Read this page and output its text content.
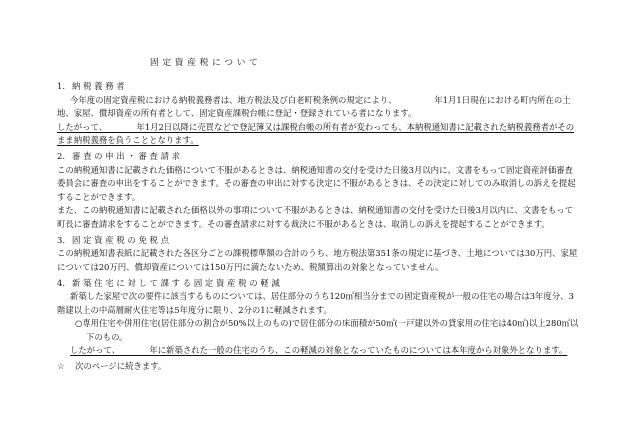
固定資産税について
1. 納税義務者

今年度の固定資産税における納税義務者は、地方税法及び白老町税条例の規定により、　　　　　年1月1日現在における町内所在の土地、家屋、償却資産の所有者として、固定資産課税台帳に登記・登録されている者になります。

したがって、　　　　年1月2日以降に売買などで登記簿又は課税台帳の所有者が変わっても、本納税通知書に記載された納税義務者がそのまま納税義務を負うこととなります。

2. 審査の申出・審査請求

この納税通知書に記載された価格について不服があるときは、納税通知書の交付を受けた日後3月以内に、文書をもって固定資産評価審査委員会に審査の申出をすることができます。その審査の申出に対する決定に不服があるときは、その決定に対してのみ取消しの訴えを提起することができます。

また、この納税通知書に記載された価格以外の事項について不服があるときは、納税通知書の交付を受けた日後3月以内に、文書をもって町長に審査請求をすることができます。その審査請求に対する裁決に不服があるときは、取消しの訴えを提起することができます。

3. 固定資産税の免税点

この納税通知書表紙に記載された各区分ごとの課税標準額の合計のうち、地方税法第351条の規定に基づき、土地については30万円、家屋については20万円、償却資産については150万円に満たないため、税額算出の対象となっていません。

4. 新築住宅に対して課する固定資産税の軽減

新築した家屋で次の要件に該当するものについては、居住部分のうち120㎡相当分までの固定資産税が一般の住宅の場合は3年度分、3階建以上の中高層耐火住宅等は5年度分に限り、2分の1に軽減されます。

○専用住宅や併用住宅(居住部分の割合が50%以上のもの)で居住部分の床面積が50㎡(一戸建以外の貸家用の住宅は40㎡)以上280㎡以下のもの。

したがって、　　　　年に新築された一般の住宅のうち、この軽減の対象となっていたものについては本年度から対象外となります。

☆ 次のページに続きます。
